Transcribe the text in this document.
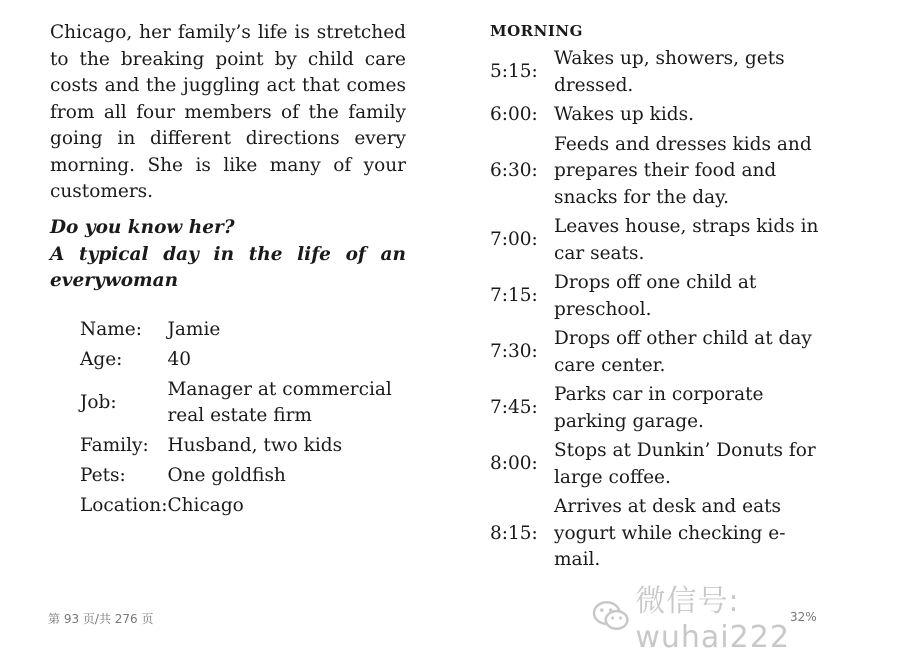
Chicago, her family’s life is stretched to the breaking point by child care costs and the juggling act that comes from all four members of the family going in different directions every morning. She is like many of your customers.

Do you know her?
A typical day in the life of an
everywoman
Name:	Jamie
Age:	40
Job:	Manager at commercial real estate firm
Family:	Husband, two kids
Pets:	One goldfish
Location:	Chicago
第 93 页/共 276 页
MORNING
5:15:	Wakes up, showers, gets dressed.
6:00:	Wakes up kids.
6:30:	Feeds and dresses kids and prepares their food and snacks for the day.
7:00:	Leaves house, straps kids in car seats.
7:15:	Drops off one child at preschool.
7:30:	Drops off other child at day care center.
7:45:	Parks car in corporate parking garage.
8:00:	Stops at Dunkin’ Donuts for large coffee.
8:15:	Arrives at desk and eats yogurt while checking e-mail.
微信号: wuhai222
32%
